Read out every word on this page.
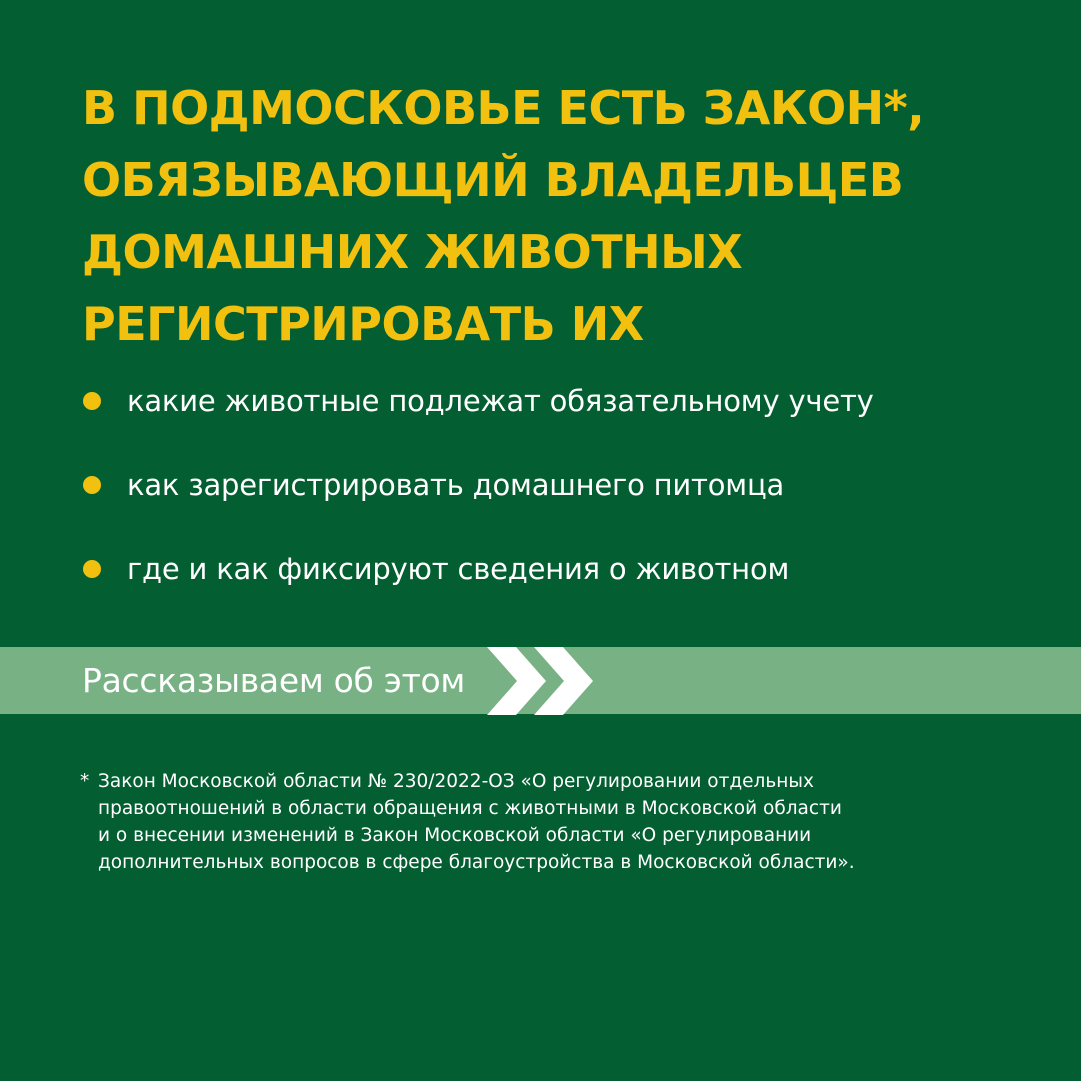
В ПОДМОСКОВЬЕ ЕСТЬ ЗАКОН*,
ОБЯЗЫВАЮЩИЙ ВЛАДЕЛЬЦЕВ
ДОМАШНИХ ЖИВОТНЫХ
РЕГИСТРИРОВАТЬ ИХ
какие животные подлежат обязательному учету
как зарегистрировать домашнего питомца
где и как фиксируют сведения о животном
Рассказываем об этом
* Закон Московской области № 230/2022-ОЗ «О регулировании отдельных
правоотношений в области обращения с животными в Московской области
и о внесении изменений в Закон Московской области «О регулировании
дополнительных вопросов в сфере благоустройства в Московской области».
